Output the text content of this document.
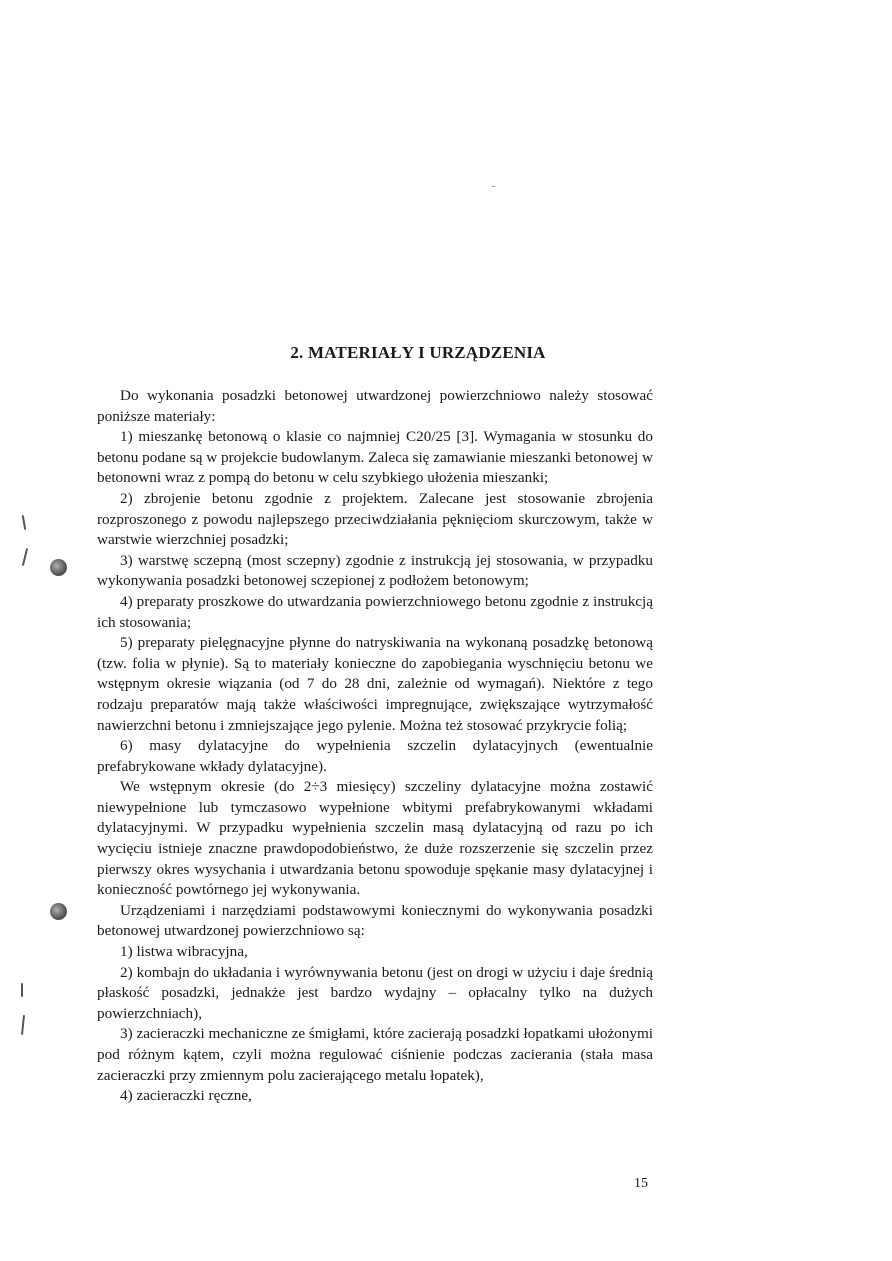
2. MATERIAŁY I URZĄDZENIA

Do wykonania posadzki betonowej utwardzonej powierzchniowo należy stosować poniższe materiały:

1) mieszankę betonową o klasie co najmniej C20/25 [3]. Wymagania w stosunku do betonu podane są w projekcie budowlanym. Zaleca się zamawianie mieszanki betonowej w betonowni wraz z pompą do betonu w celu szybkiego ułożenia mieszanki;

2) zbrojenie betonu zgodnie z projektem. Zalecane jest stosowanie zbrojenia rozproszonego z powodu najlepszego przeciwdziałania pęknięciom skurczowym, także w warstwie wierzchniej posadzki;

3) warstwę sczepną (most sczepny) zgodnie z instrukcją jej stosowania, w przypadku wykonywania posadzki betonowej sczepionej z podłożem betonowym;

4) preparaty proszkowe do utwardzania powierzchniowego betonu zgodnie z instrukcją ich stosowania;

5) preparaty pielęgnacyjne płynne do natryskiwania na wykonaną posadzkę betonową (tzw. folia w płynie). Są to materiały konieczne do zapobiegania wyschnięciu betonu we wstępnym okresie wiązania (od 7 do 28 dni, zależnie od wymagań). Niektóre z tego rodzaju preparatów mają także właściwości impregnujące, zwiększające wytrzymałość nawierzchni betonu i zmniejszające jego pylenie. Można też stosować przykrycie folią;

6) masy dylatacyjne do wypełnienia szczelin dylatacyjnych (ewentualnie prefabrykowane wkłady dylatacyjne).

We wstępnym okresie (do 2÷3 miesięcy) szczeliny dylatacyjne można zostawić niewypełnione lub tymczasowo wypełnione wbitymi prefabrykowanymi wkładami dylatacyjnymi. W przypadku wypełnienia szczelin masą dylatacyjną od razu po ich wycięciu istnieje znaczne prawdopodobieństwo, że duże rozszerzenie się szczelin przez pierwszy okres wysychania i utwardzania betonu spowoduje spękanie masy dylatacyjnej i konieczność powtórnego jej wykonywania.

Urządzeniami i narzędziami podstawowymi koniecznymi do wykonywania posadzki betonowej utwardzonej powierzchniowo są:

1) listwa wibracyjna,

2) kombajn do układania i wyrównywania betonu (jest on drogi w użyciu i daje średnią płaskość posadzki, jednakże jest bardzo wydajny – opłacalny tylko na dużych powierzchniach),

3) zacieraczki mechaniczne ze śmigłami, które zacierają posadzki łopatkami ułożonymi pod różnym kątem, czyli można regulować ciśnienie podczas zacierania (stała masa zacieraczki przy zmiennym polu zacierającego metalu łopatek),

4) zacieraczki ręczne,

15
